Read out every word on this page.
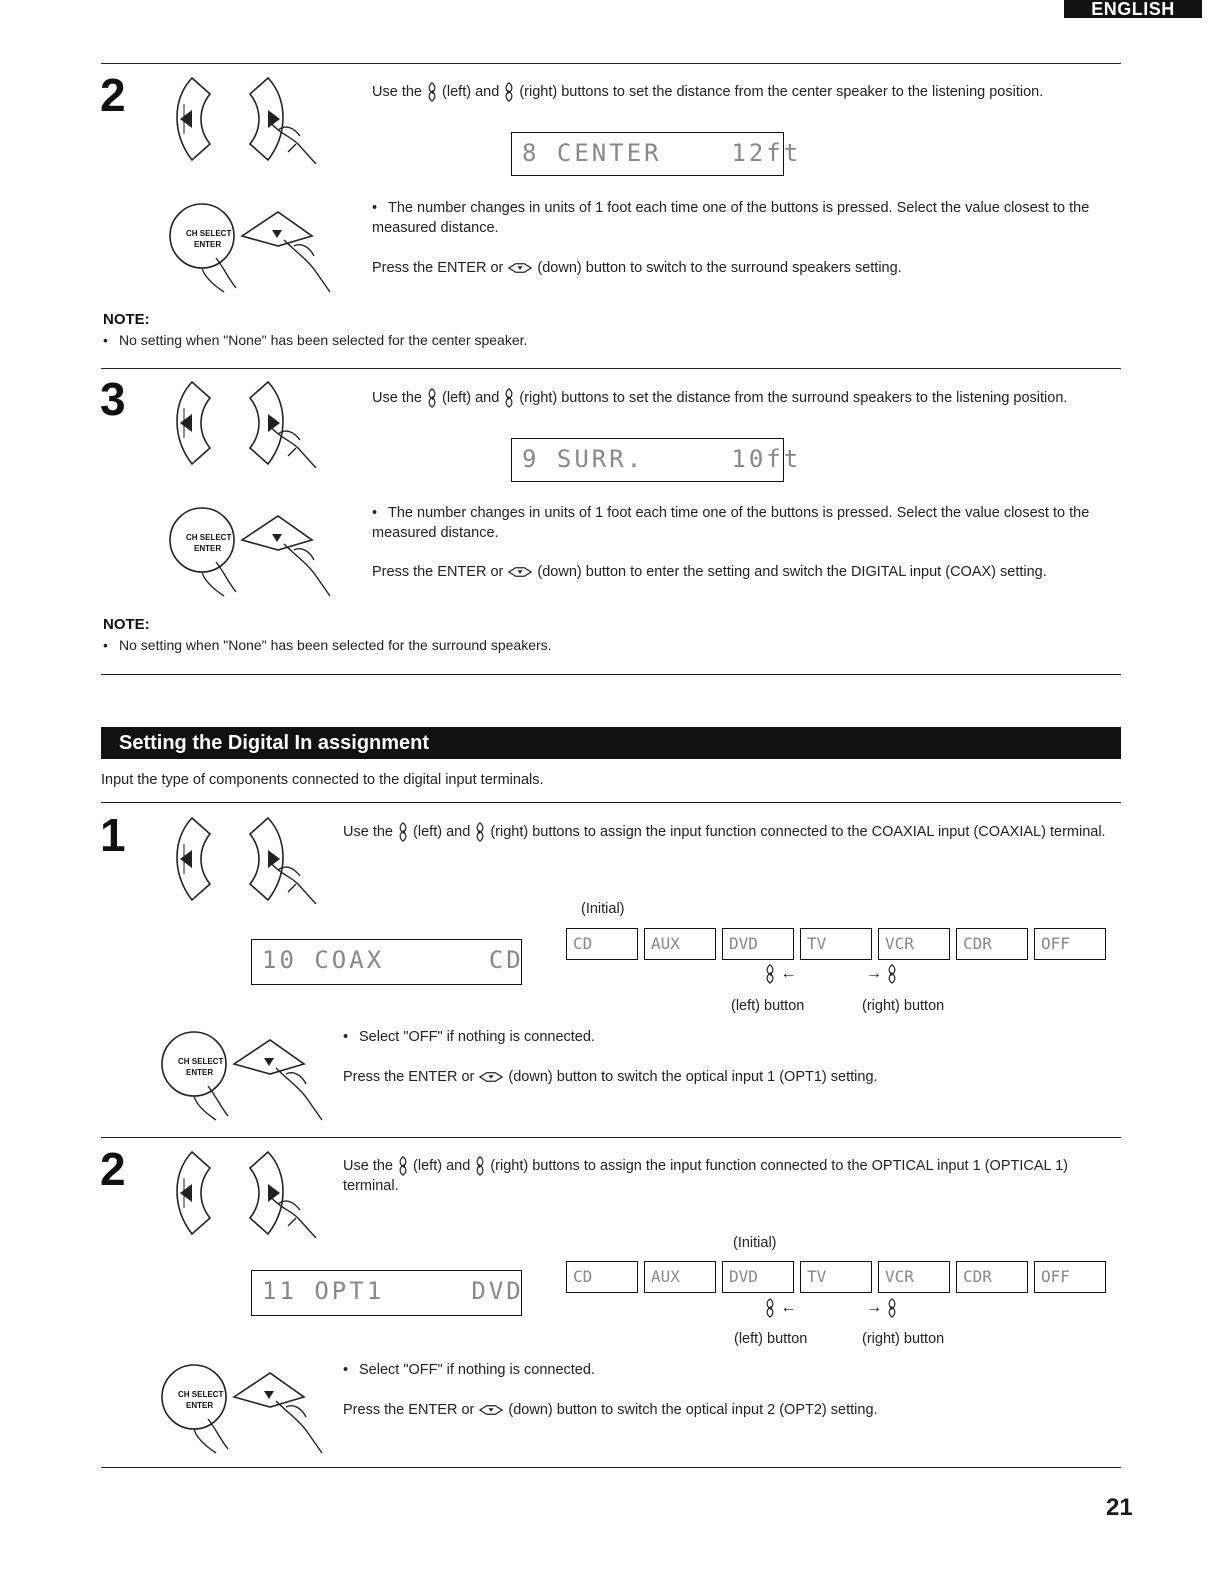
ENGLISH
2	Use the (left) and (right) buttons to set the distance from the center speaker to the listening position.
8 CENTER    12ft
CH SELECT
ENTER
• The number changes in units of 1 foot each time one of the buttons is pressed. Select the value closest to the measured distance.
Press the ENTER or (down) button to switch to the surround speakers setting.
NOTE:
• No setting when "None" has been selected for the center speaker.
3	Use the (left) and (right) buttons to set the distance from the surround speakers to the listening position.
9 SURR.     10ft
CH SELECT
ENTER
• The number changes in units of 1 foot each time one of the buttons is pressed. Select the value closest to the measured distance.
Press the ENTER or (down) button to enter the setting and switch the DIGITAL input (COAX) setting.
NOTE:
• No setting when "None" has been selected for the surround speakers.
Setting the Digital In assignment
Input the type of components connected to the digital input terminals.
1	Use the (left) and (right) buttons to assign the input function connected to the COAXIAL input (COAXIAL) terminal.
(Initial)
10 COAX      CD
CD	AUX	DVD	TV	VCR	CDR	OFF
←	→
(left) button	(right) button
CH SELECT
ENTER
• Select "OFF" if nothing is connected.
Press the ENTER or (down) button to switch the optical input 1 (OPT1) setting.
2	Use the (left) and (right) buttons to assign the input function connected to the OPTICAL input 1 (OPTICAL 1) terminal.
(Initial)
11 OPT1     DVD
CD	AUX	DVD	TV	VCR	CDR	OFF
←	→
(left) button	(right) button
CH SELECT
ENTER
• Select "OFF" if nothing is connected.
Press the ENTER or (down) button to switch the optical input 2 (OPT2) setting.
21
